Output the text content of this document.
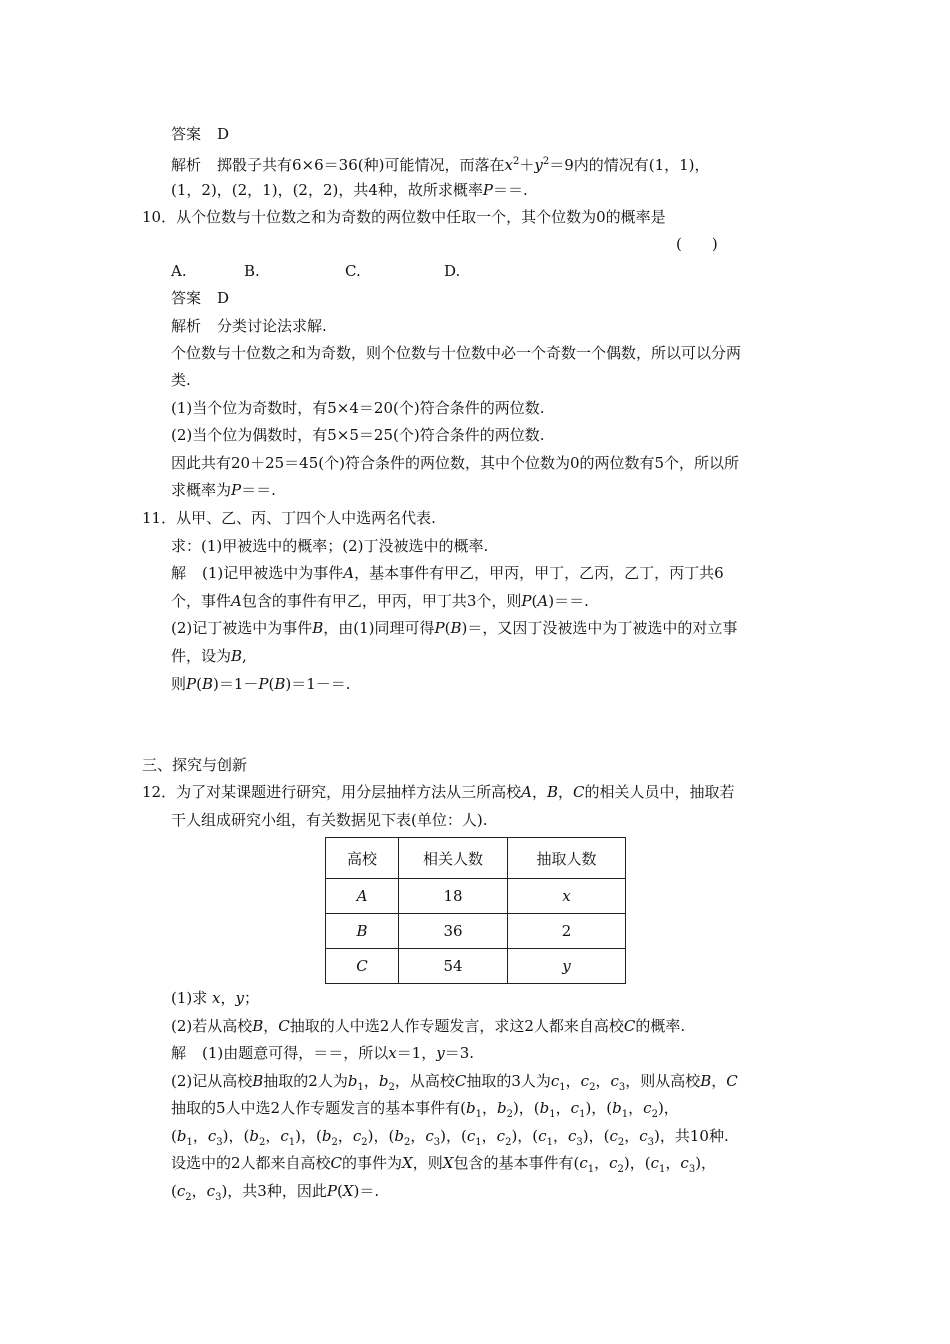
答案 D
解析 掷骰子共有6×6＝36(种)可能情况，而落在$x^2+y^2=9$内的情况有(1，1)，
(1，2)，(2，1)，(2，2)，共4种，故所求概率P＝＝.
10．从个位数与十位数之和为奇数的两位数中任取一个，其个位数为0的概率是
(　　)
A.	B.	C.	D.
答案 D
解析 分类讨论法求解.
个位数与十位数之和为奇数，则个位数与十位数中必一个奇数一个偶数，所以可以分两
类.
(1)当个位为奇数时，有5×4＝20(个)符合条件的两位数.
(2)当个位为偶数时，有5×5＝25(个)符合条件的两位数.
因此共有20＋25＝45(个)符合条件的两位数，其中个位数为0的两位数有5个，所以所
求概率为P＝＝.
11．从甲、乙、丙、丁四个人中选两名代表.
求：(1)甲被选中的概率；(2)丁没被选中的概率.
解 (1)记甲被选中为事件A，基本事件有甲乙，甲丙，甲丁，乙丙，乙丁，丙丁共6
个，事件A包含的事件有甲乙，甲丙，甲丁共3个，则P(A)＝＝.
(2)记丁被选中为事件B，由(1)同理可得P(B)＝，又因丁没被选中为丁被选中的对立事
件，设为B,
则P(B)＝1－P(B)＝1－＝.
三、探究与创新
12．为了对某课题进行研究，用分层抽样方法从三所高校A，B，C的相关人员中，抽取若
干人组成研究小组，有关数据见下表(单位：人).
高校	相关人数	抽取人数
A	18	x
B	36	2
C	54	y
(1)求 x，y；
(2)若从高校B，C抽取的人中选2人作专题发言，求这2人都来自高校C的概率.
解 (1)由题意可得，＝＝，所以x＝1，y＝3.
(2)记从高校B抽取的2人为$b_1$，$b_2$，从高校C抽取的3人为$c_1$，$c_2$，$c_3$，则从高校B，C
抽取的5人中选2人作专题发言的基本事件有($b_1$，$b_2$)，($b_1$，$c_1$)，($b_1$，$c_2$)，
($b_1$，$c_3$)，($b_2$，$c_1$)，($b_2$，$c_2$)，($b_2$，$c_3$)，($c_1$，$c_2$)，($c_1$，$c_3$)，($c_2$，$c_3$)，共10种.
设选中的2人都来自高校C的事件为X，则X包含的基本事件有($c_1$，$c_2$)，($c_1$，$c_3$)，
($c_2$，$c_3$)，共3种，因此P(X)＝.
